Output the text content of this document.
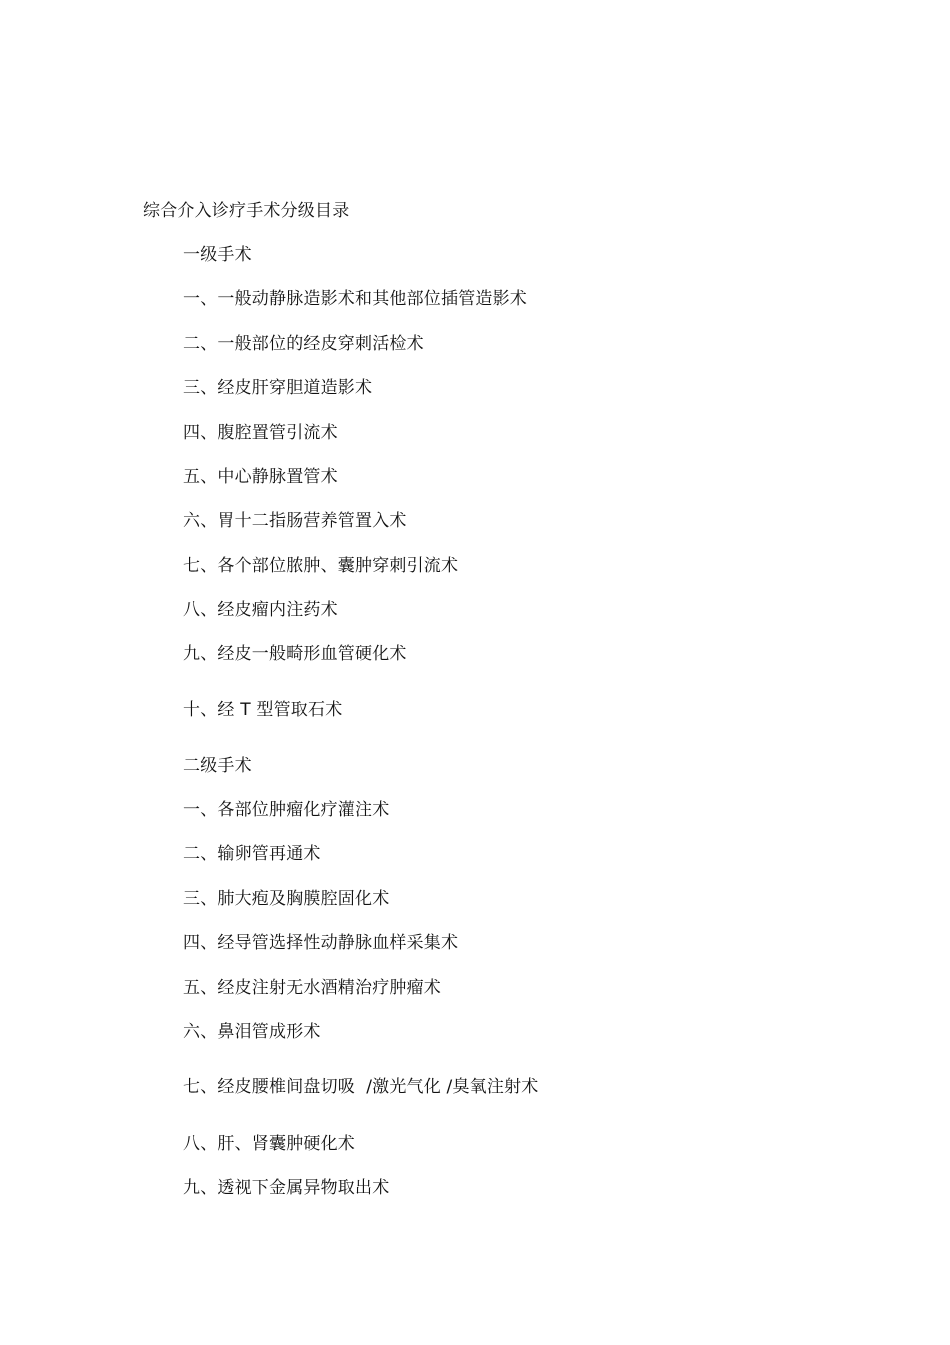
综合介入诊疗手术分级目录
一级手术
一、一般动静脉造影术和其他部位插管造影术
二、一般部位的经皮穿刺活检术
三、经皮肝穿胆道造影术
四、腹腔置管引流术
五、中心静脉置管术
六、胃十二指肠营养管置入术
七、各个部位脓肿、囊肿穿刺引流术
八、经皮瘤内注药术
九、经皮一般畸形血管硬化术
十、经 T 型管取石术
二级手术
一、各部位肿瘤化疗灌注术
二、输卵管再通术
三、肺大疱及胸膜腔固化术
四、经导管选择性动静脉血样采集术
五、经皮注射无水酒精治疗肿瘤术
六、鼻泪管成形术
七、经皮腰椎间盘切吸  /激光气化 /臭氧注射术
八、肝、肾囊肿硬化术
九、透视下金属异物取出术
